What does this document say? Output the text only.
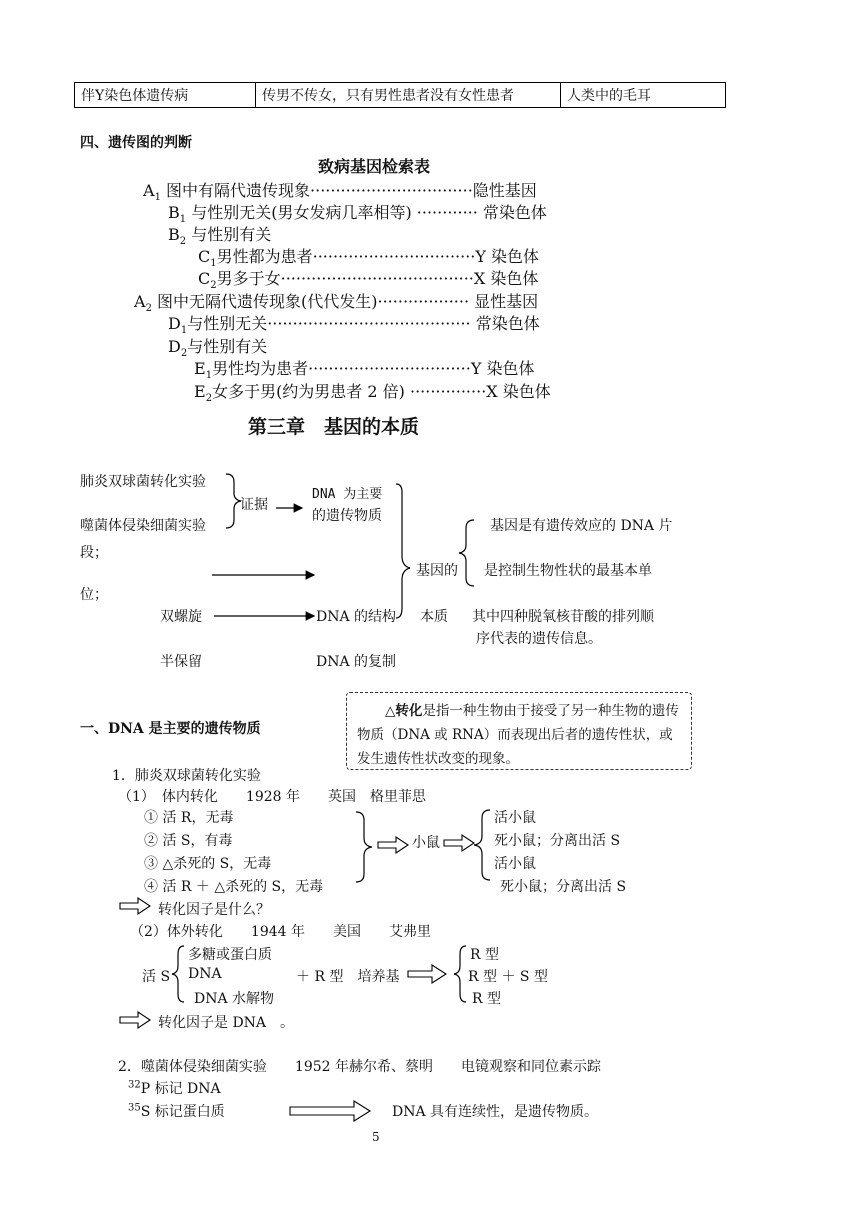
伴Y染色体遗传病	传男不传女，只有男性患者没有女性患者	人类中的毛耳
四、遗传图的判断
致病基因检索表
$A_1$ 图中有隔代遗传现象································隐性基因
$B_1$ 与性别无关(男女发病几率相等) ············ 常染色体
$B_2$ 与性别有关
$C_1$男性都为患者································Y 染色体
$C_2$男多于女······································X 染色体
$A_2$ 图中无隔代遗传现象(代代发生)·················· 显性基因
$D_1$与性别无关········································ 常染色体
$D_2$与性别有关
$E_1$男性均为患者································Y 染色体
$E_2$女多于男(约为男患者 2 倍) ···············X 染色体
第三章　基因的本质
肺炎双球菌转化实验
噬菌体侵染细菌实验
证据
DNA 为主要
的遗传物质
基因的
本质
基因是有遗传效应的 DNA 片
段；
是控制生物性状的最基本单
位；
其中四种脱氧核苷酸的排列顺
序代表的遗传信息。
双螺旋	DNA 的结构
半保留	DNA 的复制
△转化是指一种生物由于接受了另一种生物的遗传物质（DNA 或 RNA）而表现出后者的遗传性状，或发生遗传性状改变的现象。
一、DNA 是主要的遗传物质
1．肺炎双球菌转化实验
（1）　体内转化　　1928 年　　英国　格里菲思
① 活 R，无毒
② 活 S，有毒
③ △杀死的 S，无毒
④ 活 R ＋ △杀死的 S，无毒
小鼠
活小鼠
死小鼠；分离出活 S
活小鼠
死小鼠；分离出活 S
转化因子是什么？
（2）体外转化　　1944 年　　美国　　艾弗里
活 S
多糖或蛋白质
DNA
DNA 水解物
＋ R 型　培养基
R 型
R 型 ＋ S 型
R 型
转化因子是 DNA　。
2．噬菌体侵染细菌实验　　1952 年赫尔希、蔡明　　电镜观察和同位素示踪
$^{32}$P 标记 DNA
$^{35}$S 标记蛋白质	DNA 具有连续性，是遗传物质。
5
